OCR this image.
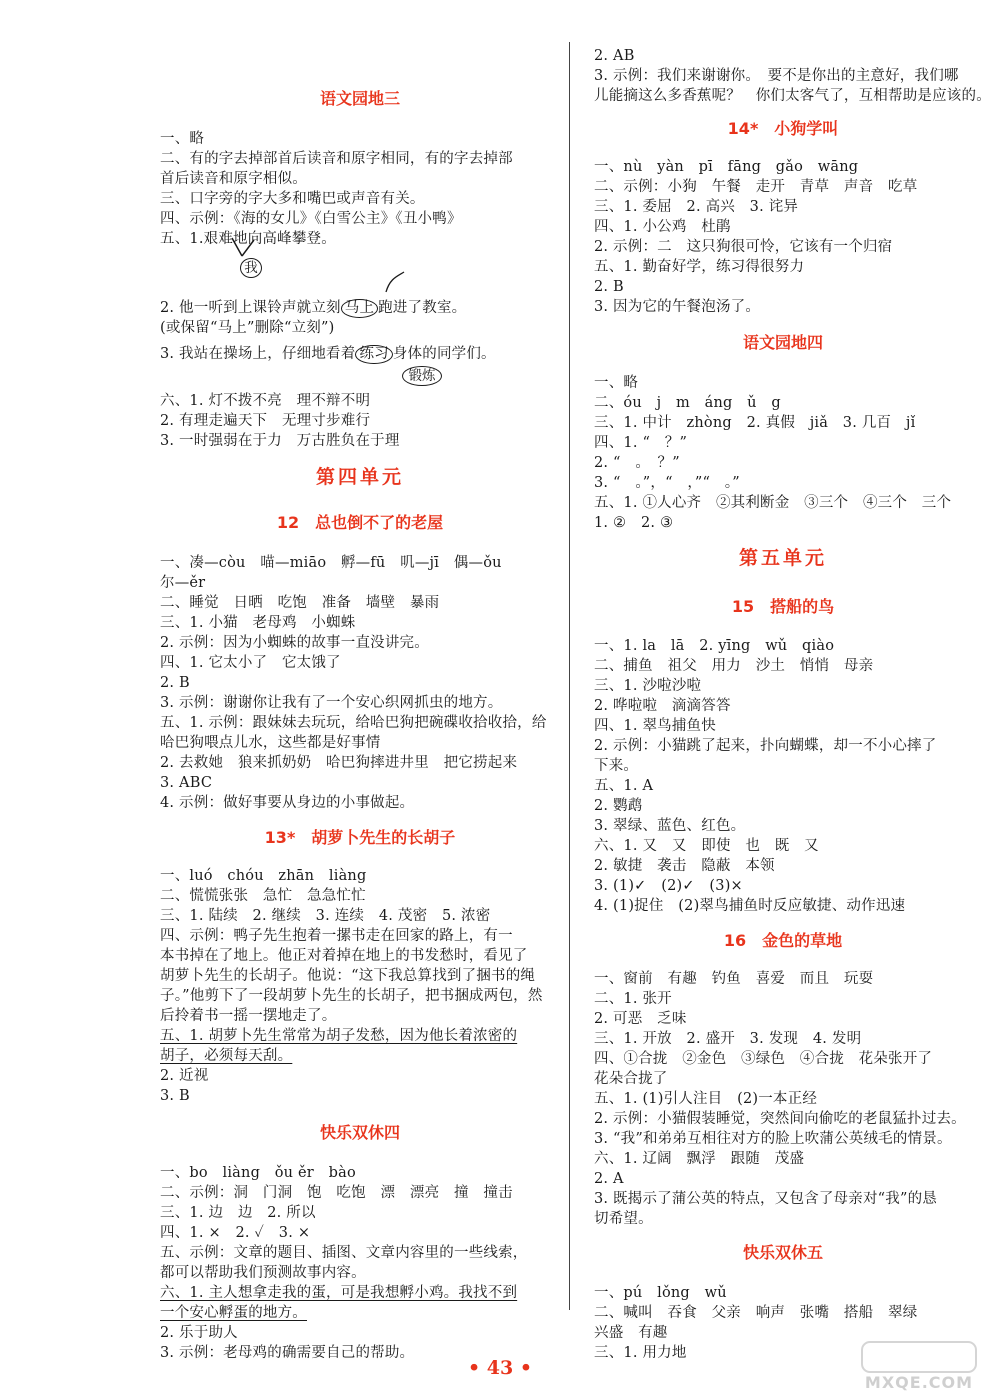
语文园地三
一、略
二、有的字去掉部首后读音和原字相同，有的字去掉部
首后读音和原字相似。
三、口字旁的字大多和嘴巴或声音有关。
四、示例：《海的女儿》《白雪公主》《丑小鸭》
五、1.艰难地向高峰攀登。
我
2. 他一听到上课铃声就立刻 马上 跑进了教室。
(或保留“马上”删除“立刻”)
3. 我站在操场上，仔细地看着 练习 身体的同学们。
锻炼
六、1. 灯不拨不亮　理不辩不明
2. 有理走遍天下　无理寸步难行
3. 一时强弱在于力　万古胜负在于理
第四单元
12　总也倒不了的老屋
一、凑—còu　喵—miāo　孵—fū　叽—jī　偶—ǒu
尔—ěr
二、睡觉　日晒　吃饱　准备　墙壁　暴雨
三、1. 小猫　老母鸡　小蜘蛛
2. 示例：因为小蜘蛛的故事一直没讲完。
四、1. 它太小了　它太饿了
2. B
3. 示例：谢谢你让我有了一个安心织网抓虫的地方。
五、1. 示例：跟妹妹去玩玩，给哈巴狗把碗碟收拾收拾，给
哈巴狗喂点儿水，这些都是好事情
2. 去救她　狼来抓奶奶　哈巴狗摔进井里　把它捞起来
3. ABC
4. 示例：做好事要从身边的小事做起。
13*　胡萝卜先生的长胡子
一、luó　chóu　zhān　liàng
二、慌慌张张　急忙　急急忙忙
三、1. 陆续　2. 继续　3. 连续　4. 茂密　5. 浓密
四、示例：鸭子先生抱着一摞书走在回家的路上，有一
本书掉在了地上。他正对着掉在地上的书发愁时，看见了
胡萝卜先生的长胡子。他说：“这下我总算找到了捆书的绳
子。”他剪下了一段胡萝卜先生的长胡子，把书捆成两包，然
后拎着书一摇一摆地走了。
五、1. 胡萝卜先生常常为胡子发愁，因为他长着浓密的
胡子，必须每天刮。
2. 近视
3. B
快乐双休四
一、bo　liàng　ǒu ěr　bào
二、示例：洞　门洞　饱　吃饱　漂　漂亮　撞　撞击
三、1. 边　边　2. 所以
四、1. ×　2. ✓　3. ×
五、示例：文章的题目、插图、文章内容里的一些线索，
都可以帮助我们预测故事内容。
六、1. 主人想拿走我的蛋，可是我想孵小鸡。我找不到
一个安心孵蛋的地方。
2. 乐于助人
2. AB
3. 示例：我们来谢谢你。　要不是你出的主意好，我们哪
儿能摘这么多香蕉呢？　你们太客气了，互相帮助是应该的。
14*　小狗学叫
一、nù　yàn　pī　fāng　gǎo　wāng
二、示例：小狗　午餐　走开　青草　声音　吃草
三、1. 委屈　2. 高兴　3. 诧异
四、1. 小公鸡　杜鹃
2. 示例：二　这只狗很可怜，它该有一个归宿
五、1. 勤奋好学，练习得很努力
2. B
3. 因为它的午餐泡汤了。
语文园地四
一、略
二、óu　j　m　áng　ǔ　g
三、1. 中计　zhòng　2. 真假　jiǎ　3. 几百　jǐ
四、1. “　？”
2. “　。　？”
3. “　。”，“　，”“　。”
五、1. ①人心齐　②其利断金　③三个　④三个　三个
1. ②　2. ③
第五单元
15　搭船的鸟
一、1. la　lā　2. yīng　wǔ　qiào
二、捕鱼　祖父　用力　沙土　悄悄　母亲
三、1. 沙啦沙啦
2. 哗啦啦　滴滴答答
四、1. 翠鸟捕鱼快
2. 示例：小猫跳了起来，扑向蝴蝶，却一不小心摔了
下来。
五、1. A
2. 鹦鹉
3. 翠绿、蓝色、红色。
六、1. 又　又　即使　也　既　又
2. 敏捷　袭击　隐蔽　本领
3. (1)✓　(2)✓　(3)×
4. (1)捉住　(2)翠鸟捕鱼时反应敏捷、动作迅速
16　金色的草地
一、窗前　有趣　钓鱼　喜爱　而且　玩耍
二、1. 张开
2. 可恶　乏味
三、1. 开放　2. 盛开　3. 发现　4. 发明
四、①合拢　②金色　③绿色　④合拢　花朵张开了
花朵合拢了
五、1. (1)引人注目　(2)一本正经
2. 示例：小猫假装睡觉，突然间向偷吃的老鼠猛扑过去。
3. “我”和弟弟互相往对方的脸上吹蒲公英绒毛的情景。
六、1. 辽阔　飘浮　跟随　茂盛
2. A
3. 既揭示了蒲公英的特点，又包含了母亲对“我”的恳
切希望。
快乐双休五
一、pú　lǒng　wǔ
二、喊叫　吞食　父亲　响声　张嘴　搭船　翠绿
兴盛　有趣
三、1. 用力地
3. 示例：老母鸡的确需要自己的帮助。
• 43 •
MXQE.COM
